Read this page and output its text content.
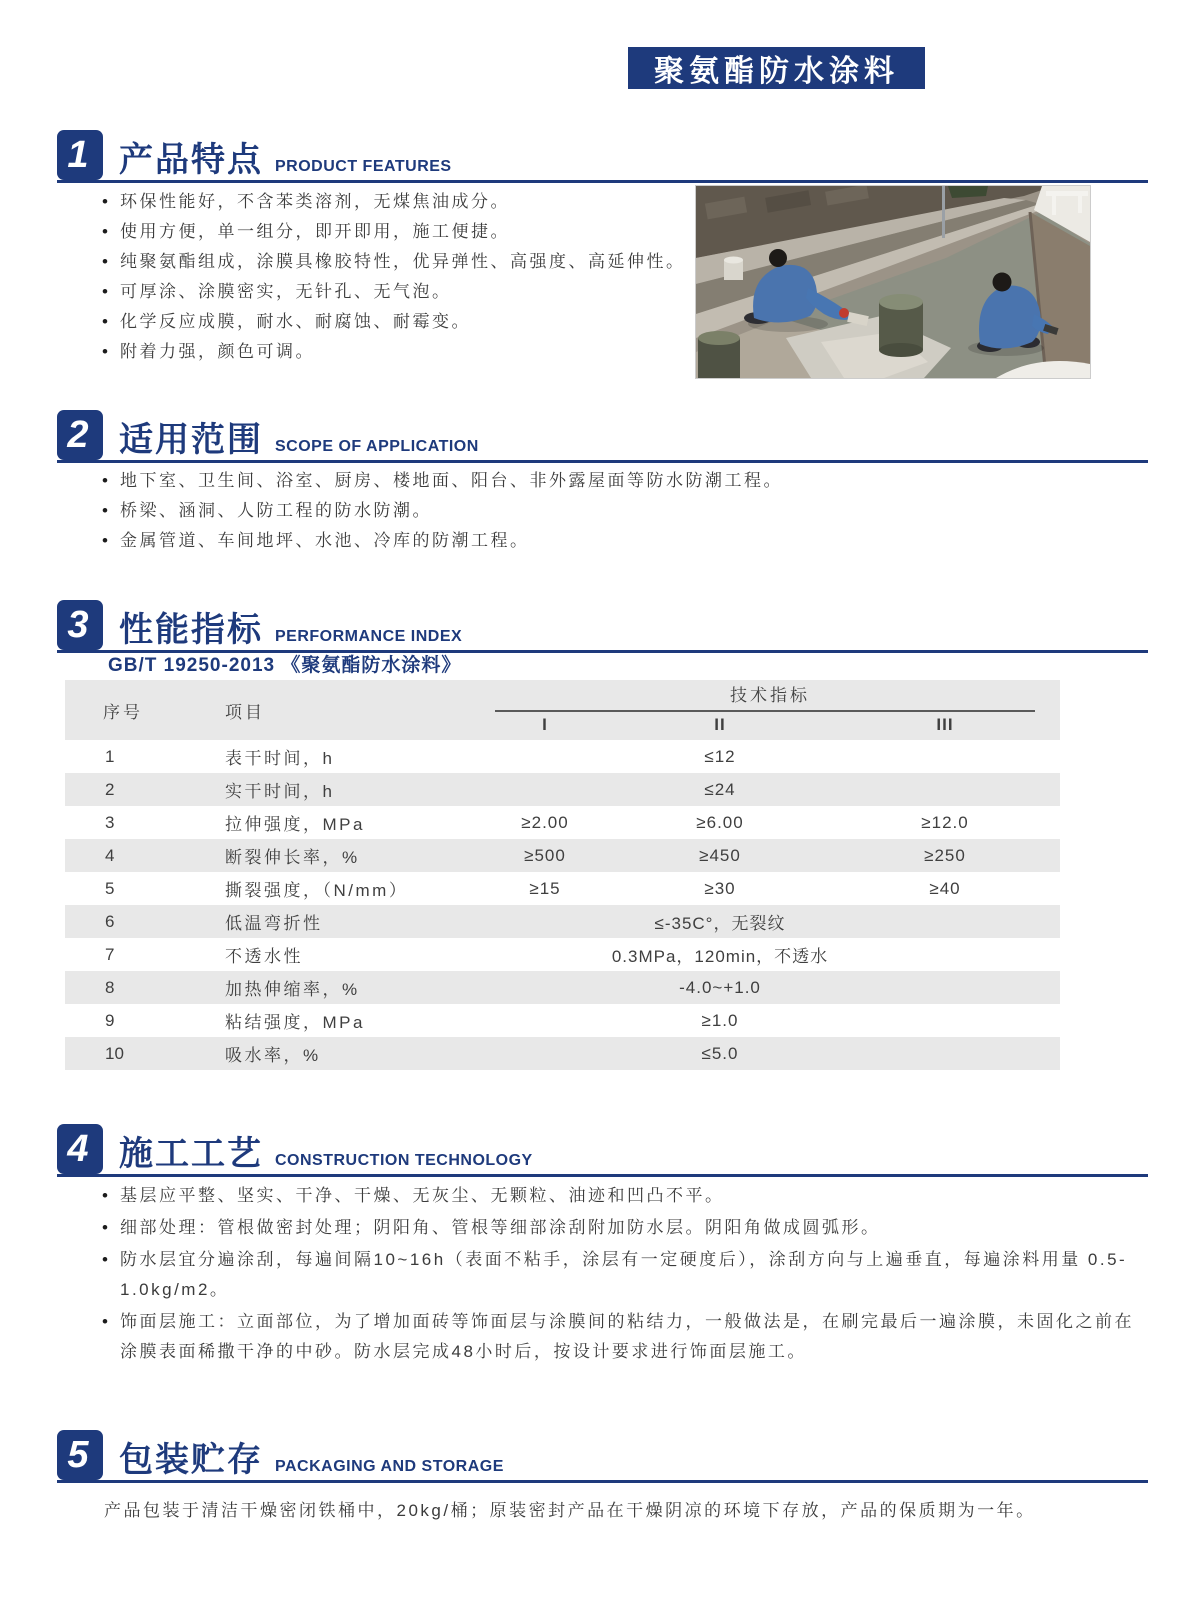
聚氨酯防水涂料
1 产品特点 PRODUCT FEATURES
• 环保性能好，不含苯类溶剂，无煤焦油成分。
• 使用方便，单一组分，即开即用，施工便捷。
• 纯聚氨酯组成，涂膜具橡胶特性，优异弹性、高强度、高延伸性。
• 可厚涂、涂膜密实，无针孔、无气泡。
• 化学反应成膜，耐水、耐腐蚀、耐霉变。
• 附着力强，颜色可调。
2 适用范围 SCOPE OF APPLICATION
• 地下室、卫生间、浴室、厨房、楼地面、阳台、非外露屋面等防水防潮工程。
• 桥梁、涵洞、人防工程的防水防潮。
• 金属管道、车间地坪、水池、冷库的防潮工程。
3 性能指标 PERFORMANCE INDEX
GB/T 19250-2013 《聚氨酯防水涂料》
序号	项目
技术指标
I	II	III
1	表干时间，h	≤12
2	实干时间，h	≤24
3	拉伸强度，MPa	≥2.00	≥6.00	≥12.0
4	断裂伸长率，%	≥500	≥450	≥250
5	撕裂强度，（N/mm）	≥15	≥30	≥40
6	低温弯折性	≤-35C°，无裂纹
7	不透水性	0.3MPa，120min，不透水
8	加热伸缩率，%	-4.0~+1.0
9	粘结强度，MPa	≥1.0
10	吸水率，%	≤5.0
4 施工工艺 CONSTRUCTION TECHNOLOGY
• 基层应平整、坚实、干净、干燥、无灰尘、无颗粒、油迹和凹凸不平。
• 细部处理：管根做密封处理；阴阳角、管根等细部涂刮附加防水层。阴阳角做成圆弧形。
• 防水层宜分遍涂刮，每遍间隔10~16h（表面不粘手，涂层有一定硬度后），涂刮方向与上遍垂直，每遍涂料用量 0.5-1.0kg/m2。
• 饰面层施工：立面部位，为了增加面砖等饰面层与涂膜间的粘结力，一般做法是，在刷完最后一遍涂膜，未固化之前在涂膜表面稀撒干净的中砂。防水层完成48小时后，按设计要求进行饰面层施工。
5 包装贮存 PACKAGING AND STORAGE
产品包装于清洁干燥密闭铁桶中，20kg/桶；原装密封产品在干燥阴凉的环境下存放，产品的保质期为一年。
